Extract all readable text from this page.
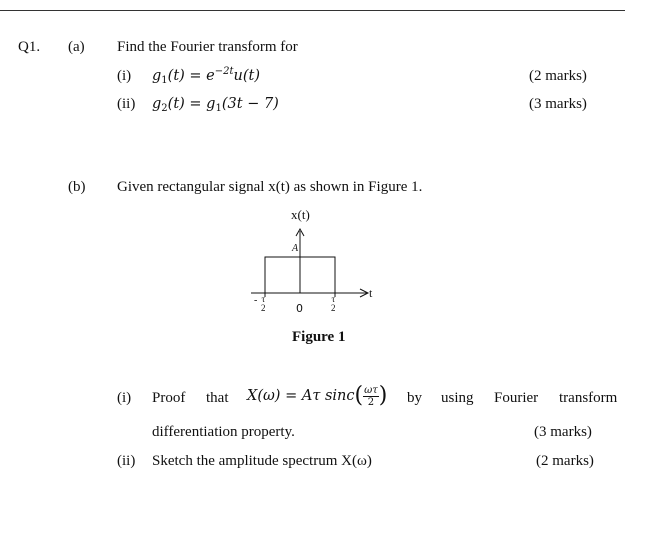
Q1. (a) Find the Fourier transform for
(i) $g_1(t) = e^{-2t}u(t)$	(2 marks)
(ii) $g_2(t) = g_1(3t - 7)$	(3 marks)
(b) Given rectangular signal x(t) as shown in Figure 1.
x(t)
A
t
- τ
2	0
τ
2
Figure 1
(i) Proof that X(ω) = Aτ $\sin c( \frac{\omega\tau}{2}$ ) by using Fourier transform
differentiation property.	(3 marks)
(ii) Sketch the amplitude spectrum X(ω)	(2 marks)
